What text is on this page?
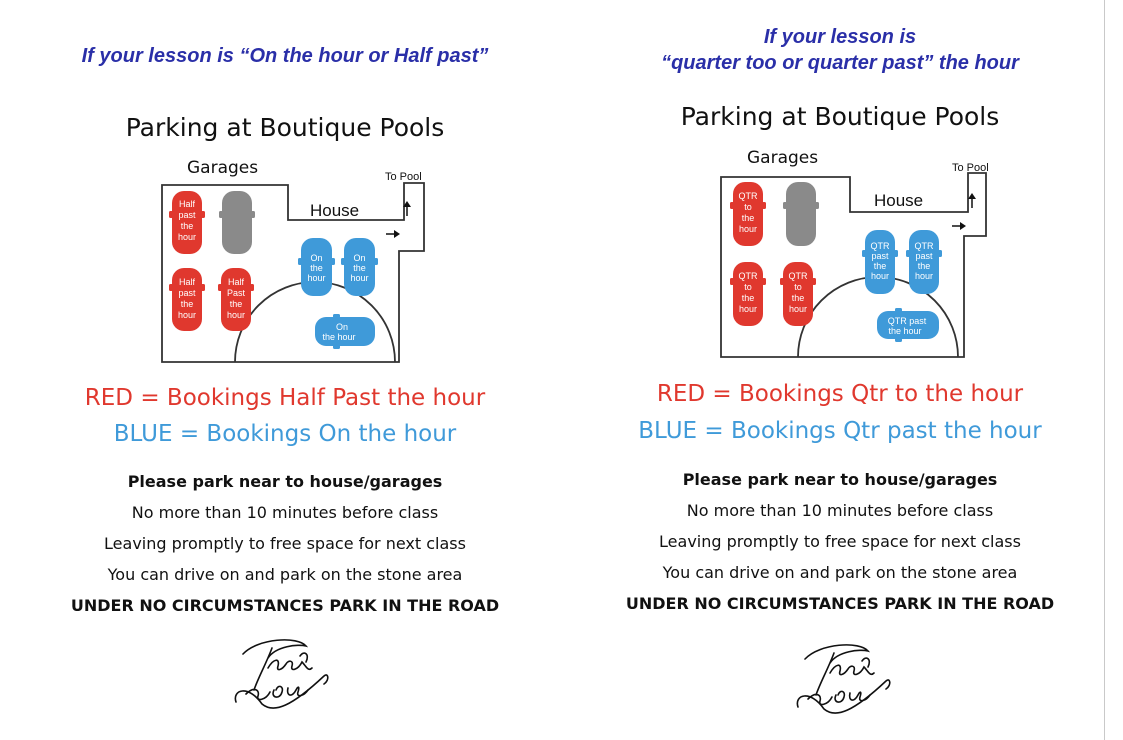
If your lesson is “On the hour or Half past”
Parking at Boutique Pools
House
To Pool
Half
past
the
hour
Half
past
the
hour
Half
Past
the
hour
On
the
hour
On
the
hour
On
the hour
Garages
RED = Bookings Half Past the hour
BLUE = Bookings On the hour
Please park near to house/garages
No more than 10 minutes before class
Leaving promptly to free space for next class
You can drive on and park on the stone area
UNDER NO CIRCUMSTANCES PARK IN THE ROAD
If your lesson is
“quarter too or quarter past” the hour
Parking at Boutique Pools
House
To Pool
QTR
to
the
hour
QTR
to
the
hour
QTR
to
the
hour
QTR
past
the
hour
QTR
past
the
hour
QTR past
the hour
Garages
RED = Bookings Qtr to the hour
BLUE = Bookings Qtr past the hour
Please park near to house/garages
No more than 10 minutes before class
Leaving promptly to free space for next class
You can drive on and park on the stone area
UNDER NO CIRCUMSTANCES PARK IN THE ROAD
